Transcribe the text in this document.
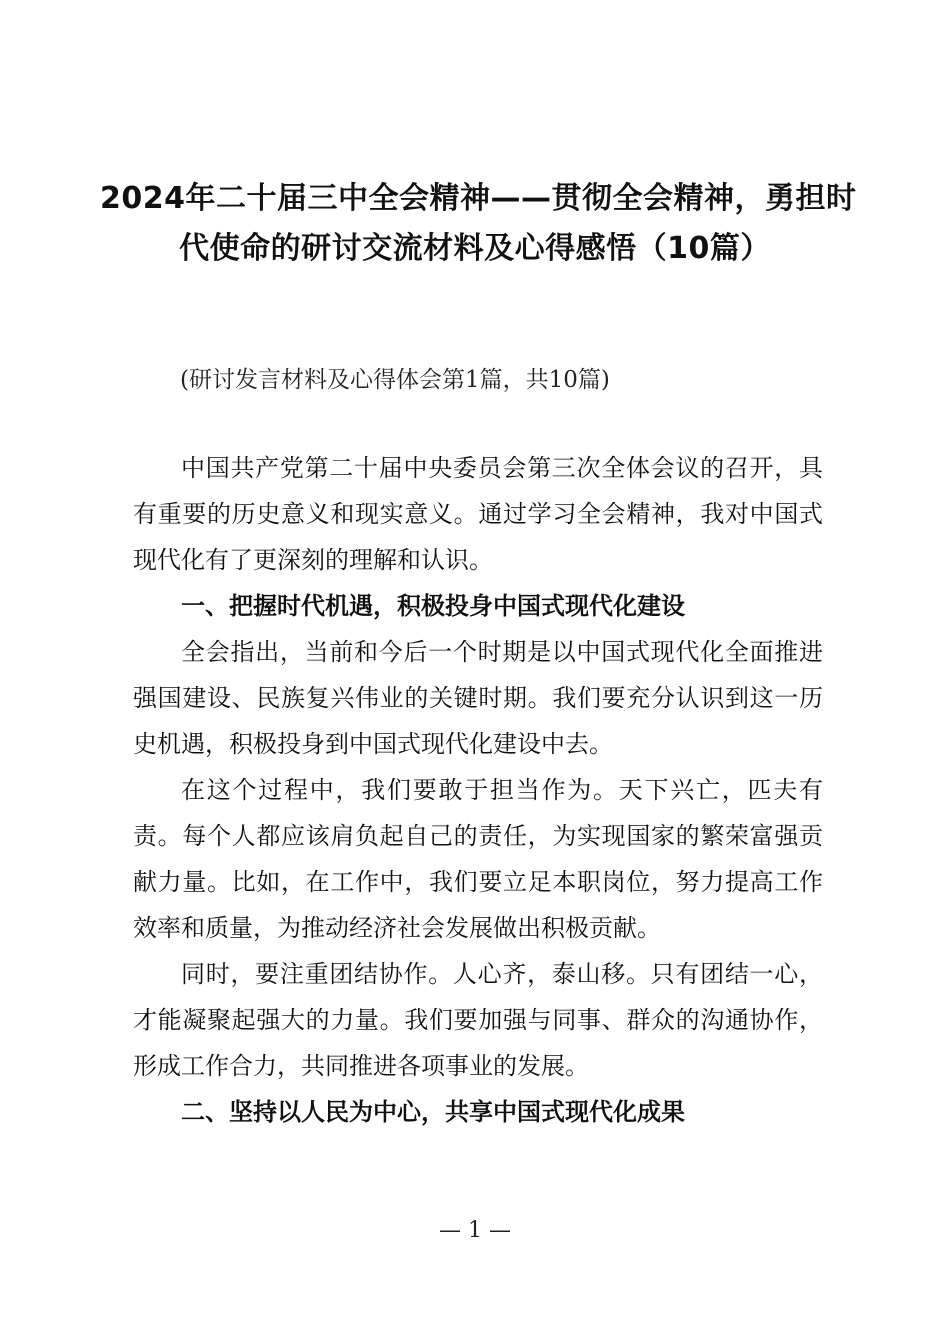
2024年二十届三中全会精神——贯彻全会精神，勇担时
代使命的研讨交流材料及心得感悟（10篇）
(研讨发言材料及心得体会第1篇，共10篇)

中国共产党第二十届中央委员会第三次全体会议的召开，具有重要的历史意义和现实意义。通过学习全会精神，我对中国式现代化有了更深刻的理解和认识。

一、把握时代机遇，积极投身中国式现代化建设

全会指出，当前和今后一个时期是以中国式现代化全面推进强国建设、民族复兴伟业的关键时期。我们要充分认识到这一历史机遇，积极投身到中国式现代化建设中去。

在这个过程中，我们要敢于担当作为。天下兴亡，匹夫有责。每个人都应该肩负起自己的责任，为实现国家的繁荣富强贡献力量。比如，在工作中，我们要立足本职岗位，努力提高工作效率和质量，为推动经济社会发展做出积极贡献。

同时，要注重团结协作。人心齐，泰山移。只有团结一心，才能凝聚起强大的力量。我们要加强与同事、群众的沟通协作，形成工作合力，共同推进各项事业的发展。

二、坚持以人民为中心，共享中国式现代化成果

— 1 —
